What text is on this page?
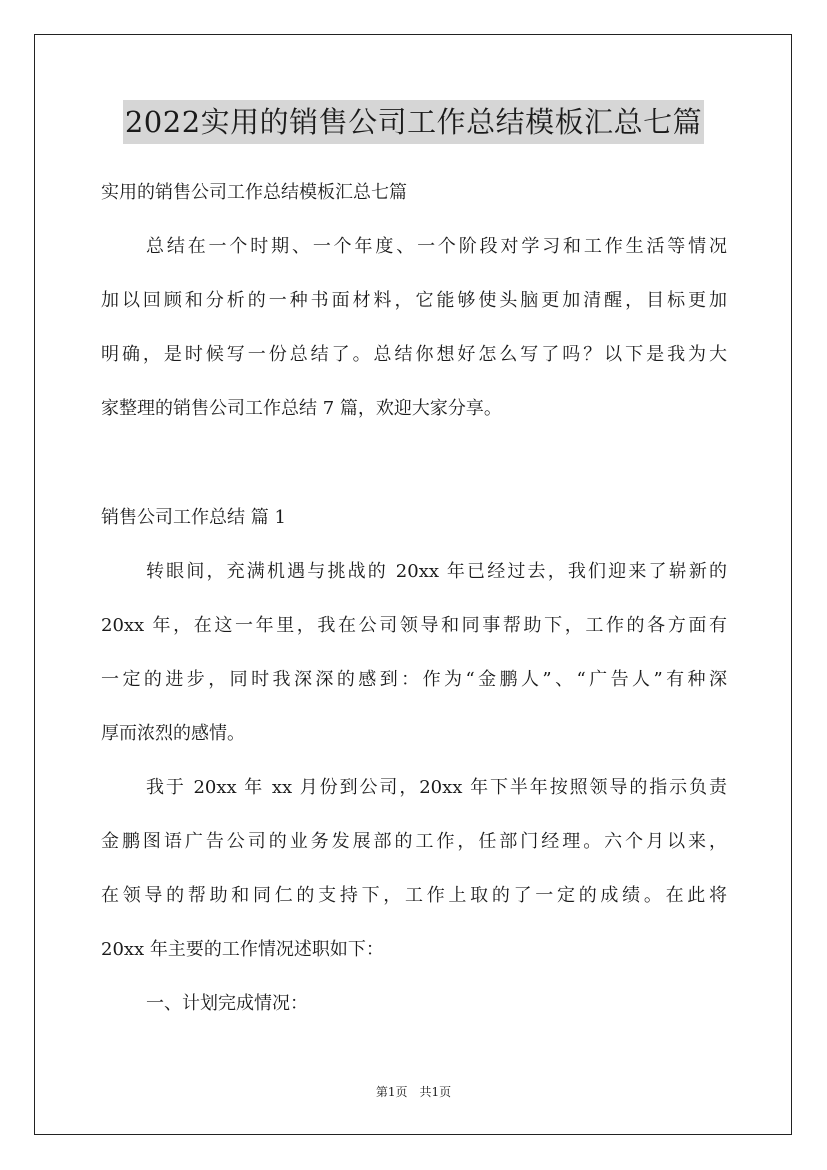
2022实用的销售公司工作总结模板汇总七篇

实用的销售公司工作总结模板汇总七篇

总结在一个时期、一个年度、一个阶段对学习和工作生活等情况

加以回顾和分析的一种书面材料，它能够使头脑更加清醒，目标更加

明确，是时候写一份总结了。总结你想好怎么写了吗？以下是我为大

家整理的销售公司工作总结 7 篇，欢迎大家分享。

销售公司工作总结 篇 1

转眼间，充满机遇与挑战的 20xx 年已经过去，我们迎来了崭新的

20xx 年，在这一年里，我在公司领导和同事帮助下，工作的各方面有

一定的进步，同时我深深的感到：作为“金鹏人”、“广告人”有种深

厚而浓烈的感情。

我于 20xx 年 xx 月份到公司，20xx 年下半年按照领导的指示负责

金鹏图语广告公司的业务发展部的工作，任部门经理。六个月以来，

在领导的帮助和同仁的支持下，工作上取的了一定的成绩。在此将

20xx 年主要的工作情况述职如下：

一、计划完成情况：

第1页　共1页
